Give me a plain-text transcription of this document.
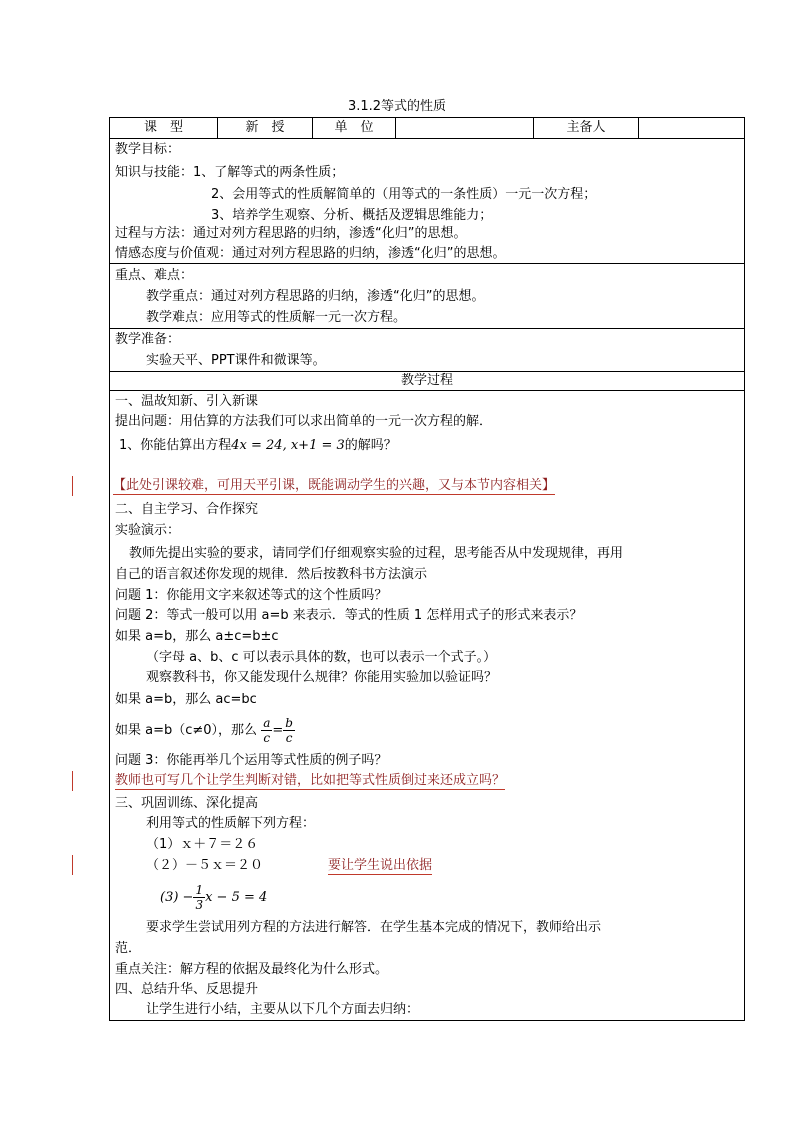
3.1.2等式的性质
课　型	新　授	单　位	主备人
教学目标：
知识与技能：1、了解等式的两条性质；
2、会用等式的性质解简单的（用等式的一条性质）一元一次方程；
3、培养学生观察、分析、概括及逻辑思维能力；
过程与方法：通过对列方程思路的归纳，渗透“化归”的思想。
情感态度与价值观：通过对列方程思路的归纳，渗透“化归”的思想。
重点、难点：
教学重点：通过对列方程思路的归纳，渗透“化归”的思想。
教学难点：应用等式的性质解一元一次方程。
教学准备：
实验天平、PPT课件和微课等。
教学过程
一、温故知新、引入新课
提出问题：用估算的方法我们可以求出简单的一元一次方程的解．
1、你能估算出方程4x = 24, x+1 = 3的解吗？
【此处引课较难，可用天平引课，既能调动学生的兴趣，又与本节内容相关】
二、自主学习、合作探究
实验演示：
教师先提出实验的要求，请同学们仔细观察实验的过程，思考能否从中发现规律，再用
自己的语言叙述你发现的规律．然后按教科书方法演示
问题 1：你能用文字来叙述等式的这个性质吗？
问题 2：等式一般可以用 a=b 来表示．等式的性质 1 怎样用式子的形式来表示？
如果 a=b，那么 a±c=b±c
（字母 a、b、c 可以表示具体的数，也可以表示一个式子。）
观察教科书，你又能发现什么规律？你能用实验加以验证吗？
如果 a=b，那么 ac=bc
如果 a=b（c≠0），那么 $\frac{a}{c} = \frac{b}{c}$
问题 3：你能再举几个运用等式性质的例子吗？
教师也可写几个让学生判断对错，比如把等式性质倒过来还成立吗？
三、巩固训练、深化提高
利用等式的性质解下列方程：
（1）ｘ＋７＝２６
（２）－５ｘ＝２０	要让学生说出依据
$(3) - \frac{1}{3}$ x − 5 = 4
要求学生尝试用列方程的方法进行解答．在学生基本完成的情况下，教师给出示
范．
重点关注：解方程的依据及最终化为什么形式。
四、总结升华、反思提升
让学生进行小结，主要从以下几个方面去归纳：
